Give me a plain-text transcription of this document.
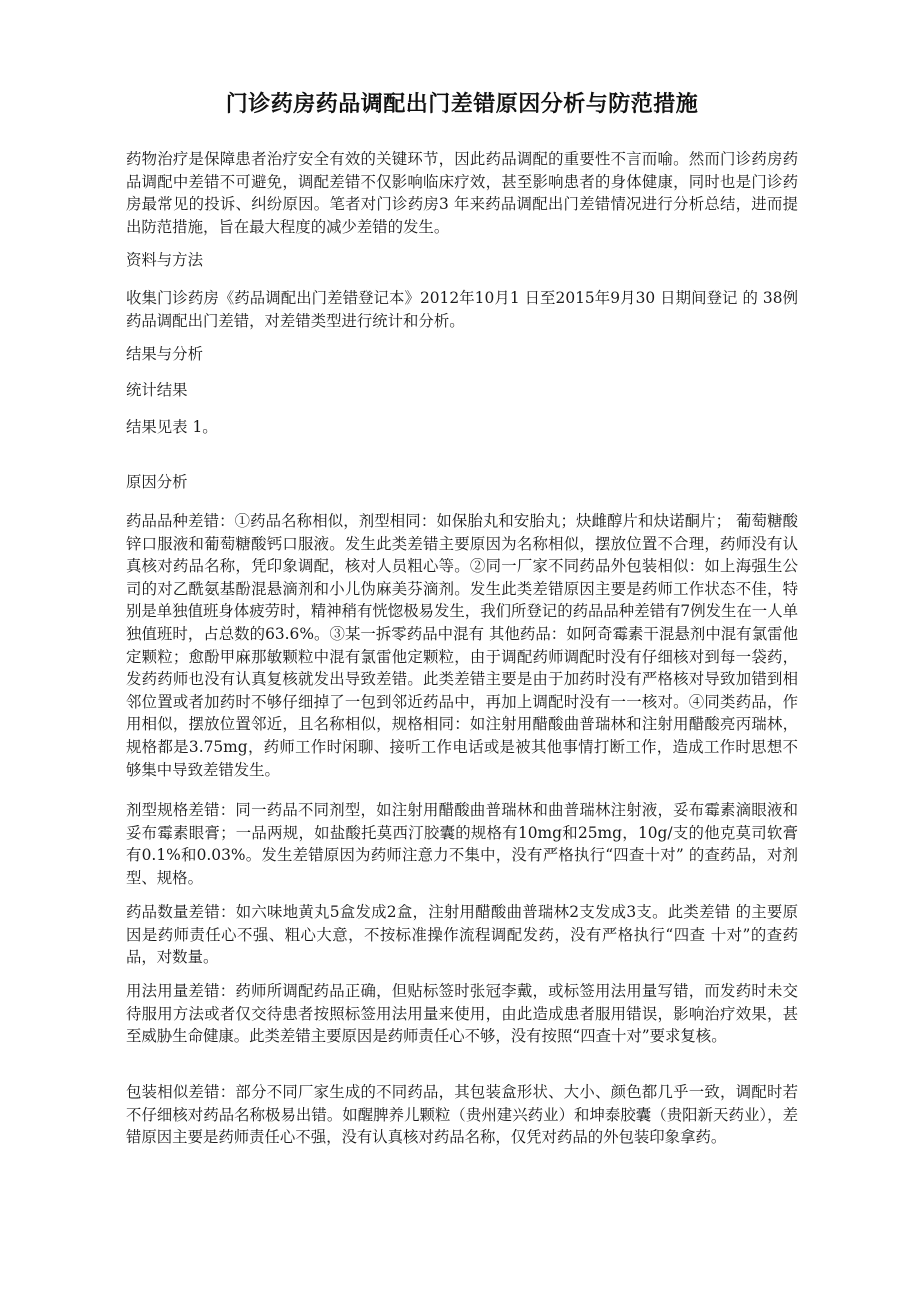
门诊药房药品调配出门差错原因分析与防范措施

药物治疗是保障患者治疗安全有效的关键环节，因此药品调配的重要性不言而喻。然而门诊药房药品调配中差错不可避免，调配差错不仅影响临床疗效，甚至影响患者的身体健康，同时也是门诊药房最常见的投诉、纠纷原因。笔者对门诊药房3 年来药品调配出门差错情况进行分析总结，进而提出防范措施，旨在最大程度的减少差错的发生。

资料与方法

收集门诊药房《药品调配出门差错登记本》2012年10月1 日至2015年9月30 日期间登记 的 38例药品调配出门差错，对差错类型进行统计和分析。

结果与分析

统计结果

结果见表 1。

原因分析

药品品种差错：①药品名称相似，剂型相同：如保胎丸和安胎丸；炔雌醇片和炔诺酮片； 葡萄糖酸锌口服液和葡萄糖酸钙口服液。发生此类差错主要原因为名称相似，摆放位置不合理，药师没有认真核对药品名称，凭印象调配，核对人员粗心等。②同一厂家不同药品外包装相似：如上海强生公司的对乙酰氨基酚混悬滴剂和小儿伪麻美芬滴剂。发生此类差错原因主要是药师工作状态不佳，特别是单独值班身体疲劳时，精神稍有恍惚极易发生，我们所登记的药品品种差错有7例发生在一人单独值班时，占总数的63.6%。③某一拆零药品中混有 其他药品：如阿奇霉素干混悬剂中混有氯雷他定颗粒；愈酚甲麻那敏颗粒中混有氯雷他定颗粒，由于调配药师调配时没有仔细核对到每一袋药，发药药师也没有认真复核就发出导致差错。此类差错主要是由于加药时没有严格核对导致加错到相邻位置或者加药时不够仔细掉了一包到邻近药品中，再加上调配时没有一一核对。④同类药品，作用相似，摆放位置邻近，且名称相似，规格相同：如注射用醋酸曲普瑞林和注射用醋酸亮丙瑞林，规格都是3.75mg，药师工作时闲聊、接听工作电话或是被其他事情打断工作，造成工作时思想不够集中导致差错发生。

剂型规格差错：同一药品不同剂型，如注射用醋酸曲普瑞林和曲普瑞林注射液，妥布霉素滴眼液和妥布霉素眼膏；一品两规，如盐酸托莫西汀胶囊的规格有10mg和25mg，10g/支的他克莫司软膏有0.1%和0.03%。发生差错原因为药师注意力不集中，没有严格执行“四查十对” 的查药品，对剂型、规格。

药品数量差错：如六味地黄丸5盒发成2盒，注射用醋酸曲普瑞林2支发成3支。此类差错 的主要原因是药师责任心不强、粗心大意，不按标准操作流程调配发药，没有严格执行“四查 十对”的查药品，对数量。

用法用量差错：药师所调配药品正确，但贴标签时张冠李戴，或标签用法用量写错，而发药时未交待服用方法或者仅交待患者按照标签用法用量来使用，由此造成患者服用错误，影响治疗效果，甚至威胁生命健康。此类差错主要原因是药师责任心不够，没有按照“四查十对”要求复核。

包装相似差错：部分不同厂家生成的不同药品，其包装盒形状、大小、颜色都几乎一致，调配时若不仔细核对药品名称极易出错。如醒脾养儿颗粒（贵州建兴药业）和坤泰胶囊（贵阳新天药业），差错原因主要是药师责任心不强，没有认真核对药品名称，仅凭对药品的外包装印象拿药。
